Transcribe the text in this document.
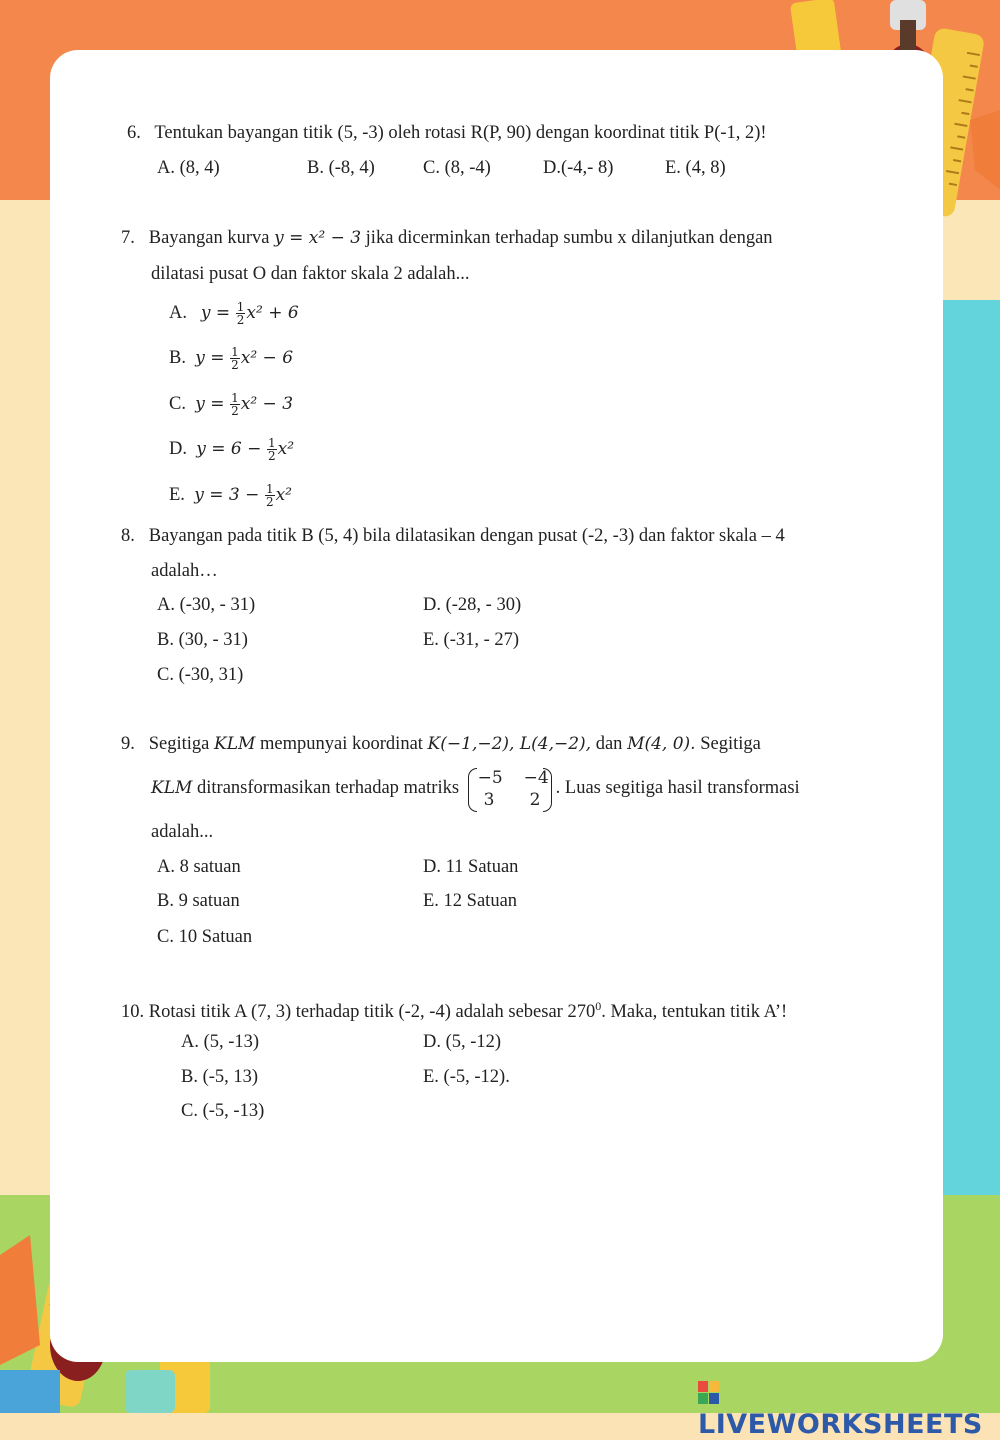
6. Tentukan bayangan titik (5, -3) oleh rotasi R(P, 90) dengan koordinat titik P(-1, 2)!
A. (8, 4)	B. (-8, 4)	C. (8, -4)	D.(-4,- 8)	E. (4, 8)
7. Bayangan kurva y = x² − 3 jika dicerminkan terhadap sumbu x dilanjutkan dengan
dilatasi pusat O dan faktor skala 2 adalah...
A. $y = \frac{1}{2} x^2 + 6$
B. $y = \frac{1}{2} x^2 - 6$
C. $y = \frac{1}{2} x^2 - 3$
D. $y = 6 - \frac{1}{2} x^2$
E. $y = 3 - \frac{1}{2} x^2$
8. Bayangan pada titik B (5, 4) bila dilatasikan dengan pusat (-2, -3) dan faktor skala – 4
adalah…
A. (-30, - 31)
B. (30, - 31)
C. (-30, 31)
D. (-28, - 30)
E. (-31, - 27)
9. Segitiga KLM mempunyai koordinat K(−1,−2), L(4,−2), dan M(4, 0). Segitiga
KLM ditransformasikan terhadap matriks
−5 −4
3 2
. Luas segitiga hasil transformasi
adalah...
A. 8 satuan
B. 9 satuan
C. 10 Satuan
D. 11 Satuan
E. 12 Satuan
10. Rotasi titik A (7, 3) terhadap titik (-2, -4) adalah sebesar $270^0$. Maka, tentukan titik A’!
A. (5, -13)
B. (-5, 13)
C. (-5, -13)
D. (5, -12)
E. (-5, -12).
LIVEWORKSHEETS
